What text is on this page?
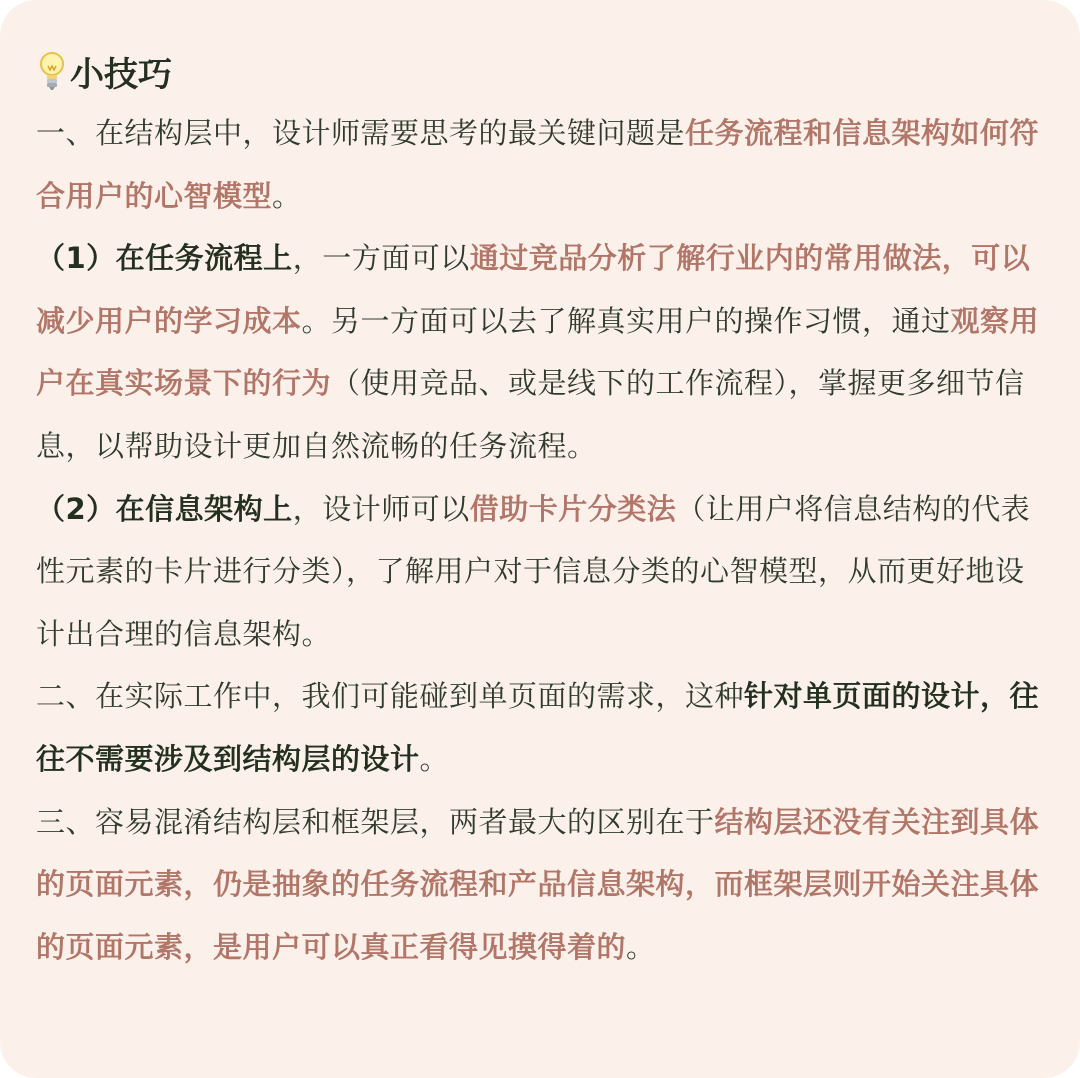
小技巧

一、在结构层中，设计师需要思考的最关键问题是任务流程和信息架构如何符合用户的心智模型。

（1）在任务流程上，一方面可以通过竞品分析了解行业内的常用做法，可以减少用户的学习成本。另一方面可以去了解真实用户的操作习惯，通过观察用户在真实场景下的行为（使用竞品、或是线下的工作流程），掌握更多细节信息，以帮助设计更加自然流畅的任务流程。

（2）在信息架构上，设计师可以借助卡片分类法（让用户将信息结构的代表性元素的卡片进行分类），了解用户对于信息分类的心智模型，从而更好地设计出合理的信息架构。

二、在实际工作中，我们可能碰到单页面的需求，这种针对单页面的设计，往往不需要涉及到结构层的设计。

三、容易混淆结构层和框架层，两者最大的区别在于结构层还没有关注到具体的页面元素，仍是抽象的任务流程和产品信息架构，而框架层则开始关注具体的页面元素，是用户可以真正看得见摸得着的。
